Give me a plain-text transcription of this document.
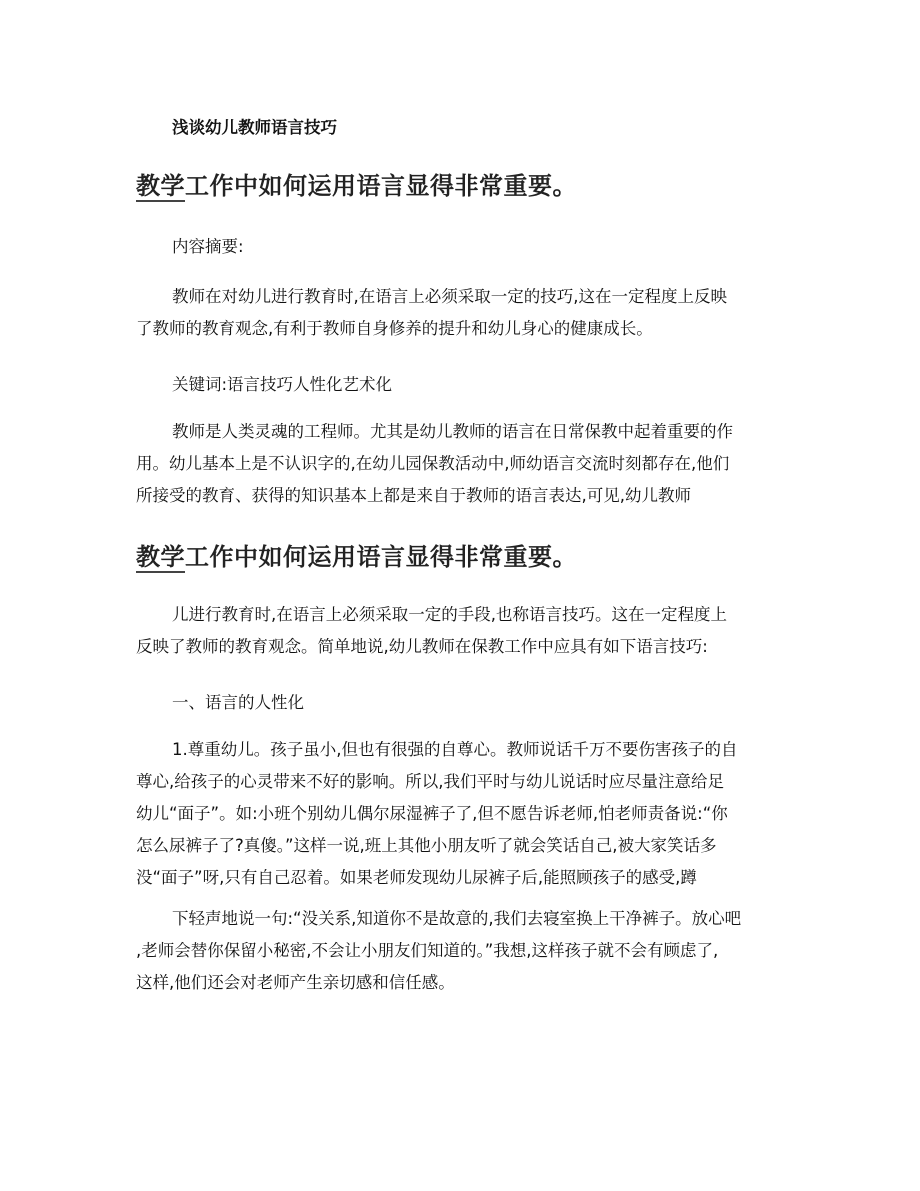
浅谈幼儿教师语言技巧
教学工作中如何运用语言显得非常重要。
内容摘要:
教师在对幼儿进行教育时,在语言上必须采取一定的技巧,这在一定程度上反映
了教师的教育观念,有利于教师自身修养的提升和幼儿身心的健康成长。
关键词:语言技巧人性化艺术化
教师是人类灵魂的工程师。尤其是幼儿教师的语言在日常保教中起着重要的作
用。幼儿基本上是不认识字的,在幼儿园保教活动中,师幼语言交流时刻都存在,他们
所接受的教育、获得的知识基本上都是来自于教师的语言表达,可见,幼儿教师
教学工作中如何运用语言显得非常重要。
儿进行教育时,在语言上必须采取一定的手段,也称语言技巧。这在一定程度上
反映了教师的教育观念。简单地说,幼儿教师在保教工作中应具有如下语言技巧:
一、语言的人性化
1.尊重幼儿。孩子虽小,但也有很强的自尊心。教师说话千万不要伤害孩子的自
尊心,给孩子的心灵带来不好的影响。所以,我们平时与幼儿说话时应尽量注意给足
幼儿“面子”。如:小班个别幼儿偶尔尿湿裤子了,但不愿告诉老师,怕老师责备说:“你
怎么尿裤子了?真傻。”这样一说,班上其他小朋友听了就会笑话自己,被大家笑话多
没“面子”呀,只有自己忍着。如果老师发现幼儿尿裤子后,能照顾孩子的感受,蹲
下轻声地说一句:“没关系,知道你不是故意的,我们去寝室换上干净裤子。放心吧
,老师会替你保留小秘密,不会让小朋友们知道的。”我想,这样孩子就不会有顾虑了,
这样,他们还会对老师产生亲切感和信任感。
